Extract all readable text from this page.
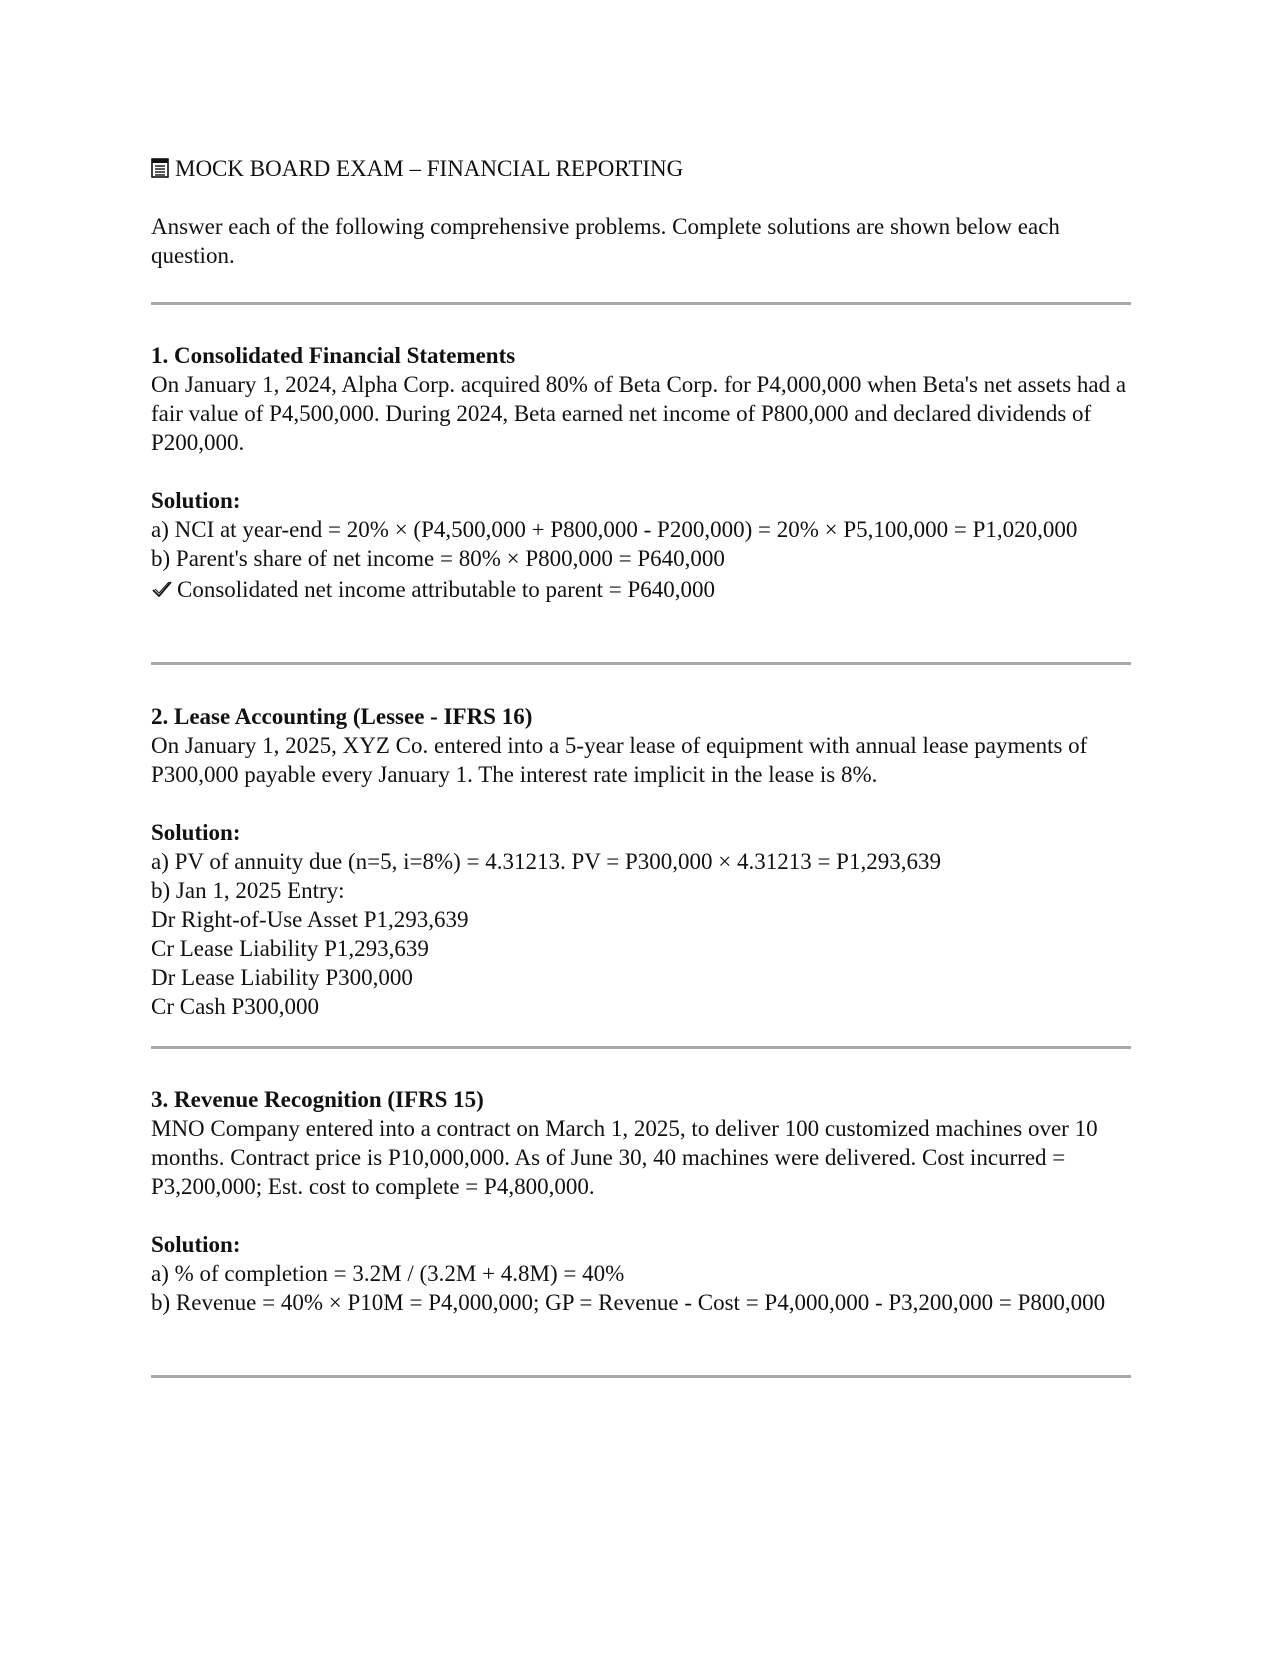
MOCK BOARD EXAM – FINANCIAL REPORTING
Answer each of the following comprehensive problems. Complete solutions are shown below each question.

1. Consolidated Financial Statements

On January 1, 2024, Alpha Corp. acquired 80% of Beta Corp. for P4,000,000 when Beta's net assets had a fair value of P4,500,000. During 2024, Beta earned net income of P800,000 and declared dividends of P200,000.

Solution:

a) NCI at year-end = 20% × (P4,500,000 + P800,000 - P200,000) = 20% × P5,100,000 = P1,020,000

b) Parent's share of net income = 80% × P800,000 = P640,000

Consolidated net income attributable to parent = P640,000

2. Lease Accounting (Lessee - IFRS 16)

On January 1, 2025, XYZ Co. entered into a 5-year lease of equipment with annual lease payments of P300,000 payable every January 1. The interest rate implicit in the lease is 8%.

Solution:

a) PV of annuity due (n=5, i=8%) = 4.31213. PV = P300,000 × 4.31213 = P1,293,639

b) Jan 1, 2025 Entry:

Dr Right-of-Use Asset P1,293,639

Cr Lease Liability P1,293,639

Dr Lease Liability P300,000

Cr Cash P300,000

3. Revenue Recognition (IFRS 15)

MNO Company entered into a contract on March 1, 2025, to deliver 100 customized machines over 10 months. Contract price is P10,000,000. As of June 30, 40 machines were delivered. Cost incurred = P3,200,000; Est. cost to complete = P4,800,000.

Solution:

a) % of completion = 3.2M / (3.2M + 4.8M) = 40%

b) Revenue = 40% × P10M = P4,000,000; GP = Revenue - Cost = P4,000,000 - P3,200,000 = P800,000
